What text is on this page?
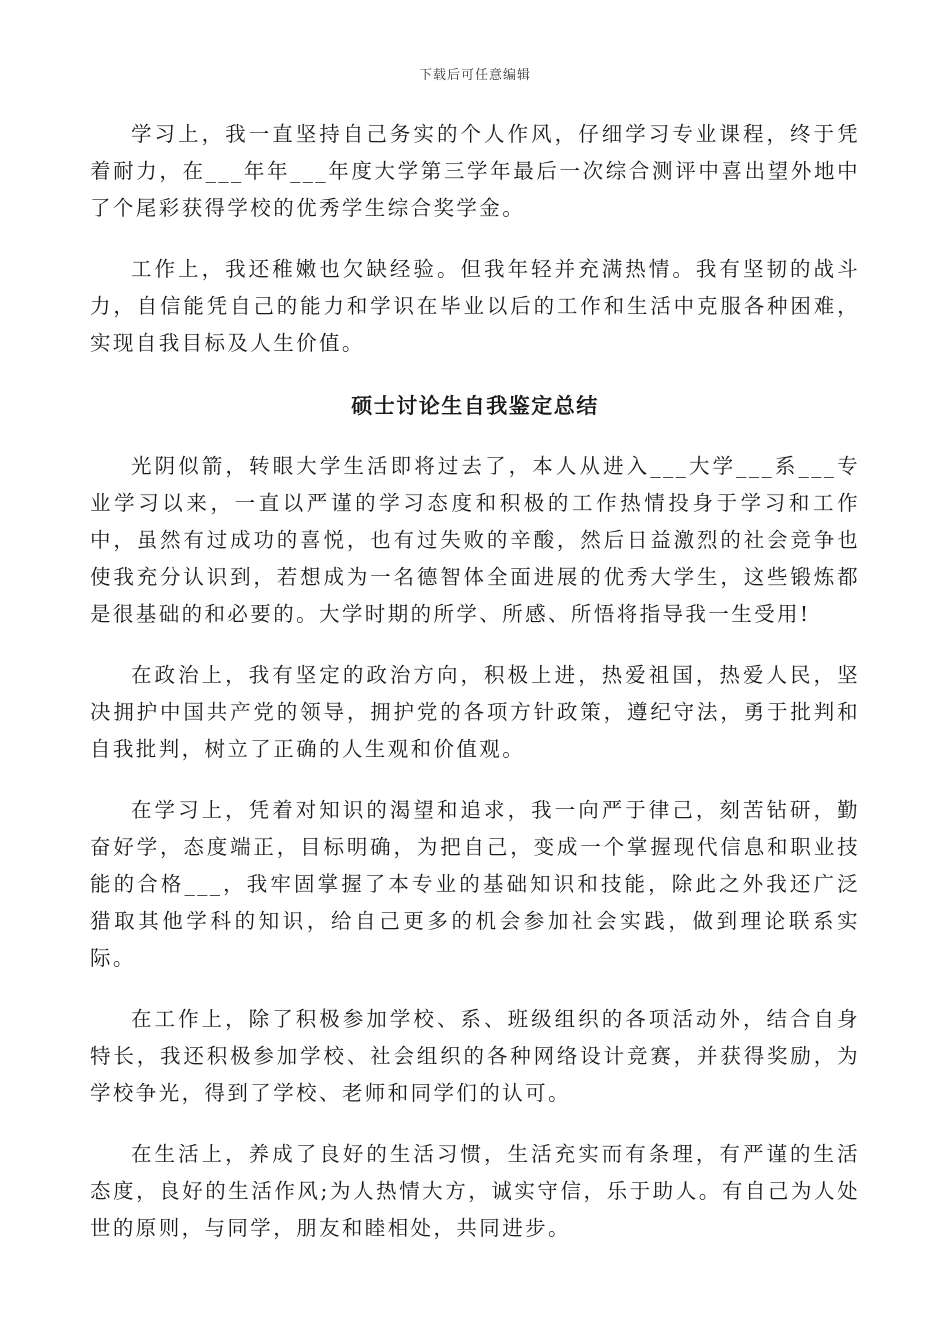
下载后可任意编辑

学习上，我一直坚持自己务实的个人作风，仔细学习专业课程，终于凭着耐力，在___年年___年度大学第三学年最后一次综合测评中喜出望外地中了个尾彩获得学校的优秀学生综合奖学金。

工作上，我还稚嫩也欠缺经验。但我年轻并充满热情。我有坚韧的战斗力，自信能凭自己的能力和学识在毕业以后的工作和生活中克服各种困难，实现自我目标及人生价值。

硕士讨论生自我鉴定总结

光阴似箭，转眼大学生活即将过去了，本人从进入___大学___系___专业学习以来，一直以严谨的学习态度和积极的工作热情投身于学习和工作中，虽然有过成功的喜悦，也有过失败的辛酸，然后日益激烈的社会竞争也使我充分认识到，若想成为一名德智体全面进展的优秀大学生，这些锻炼都是很基础的和必要的。大学时期的所学、所感、所悟将指导我一生受用!

在政治上，我有坚定的政治方向，积极上进，热爱祖国，热爱人民，坚决拥护中国共产党的领导，拥护党的各项方针政策，遵纪守法，勇于批判和自我批判，树立了正确的人生观和价值观。

在学习上，凭着对知识的渴望和追求，我一向严于律己，刻苦钻研，勤奋好学，态度端正，目标明确，为把自己，变成一个掌握现代信息和职业技能的合格___，我牢固掌握了本专业的基础知识和技能，除此之外我还广泛猎取其他学科的知识，给自己更多的机会参加社会实践，做到理论联系实际。

在工作上，除了积极参加学校、系、班级组织的各项活动外，结合自身特长，我还积极参加学校、社会组织的各种网络设计竞赛，并获得奖励，为学校争光，得到了学校、老师和同学们的认可。

在生活上，养成了良好的生活习惯，生活充实而有条理，有严谨的生活态度，良好的生活作风;为人热情大方，诚实守信，乐于助人。有自己为人处世的原则，与同学，朋友和睦相处，共同进步。
